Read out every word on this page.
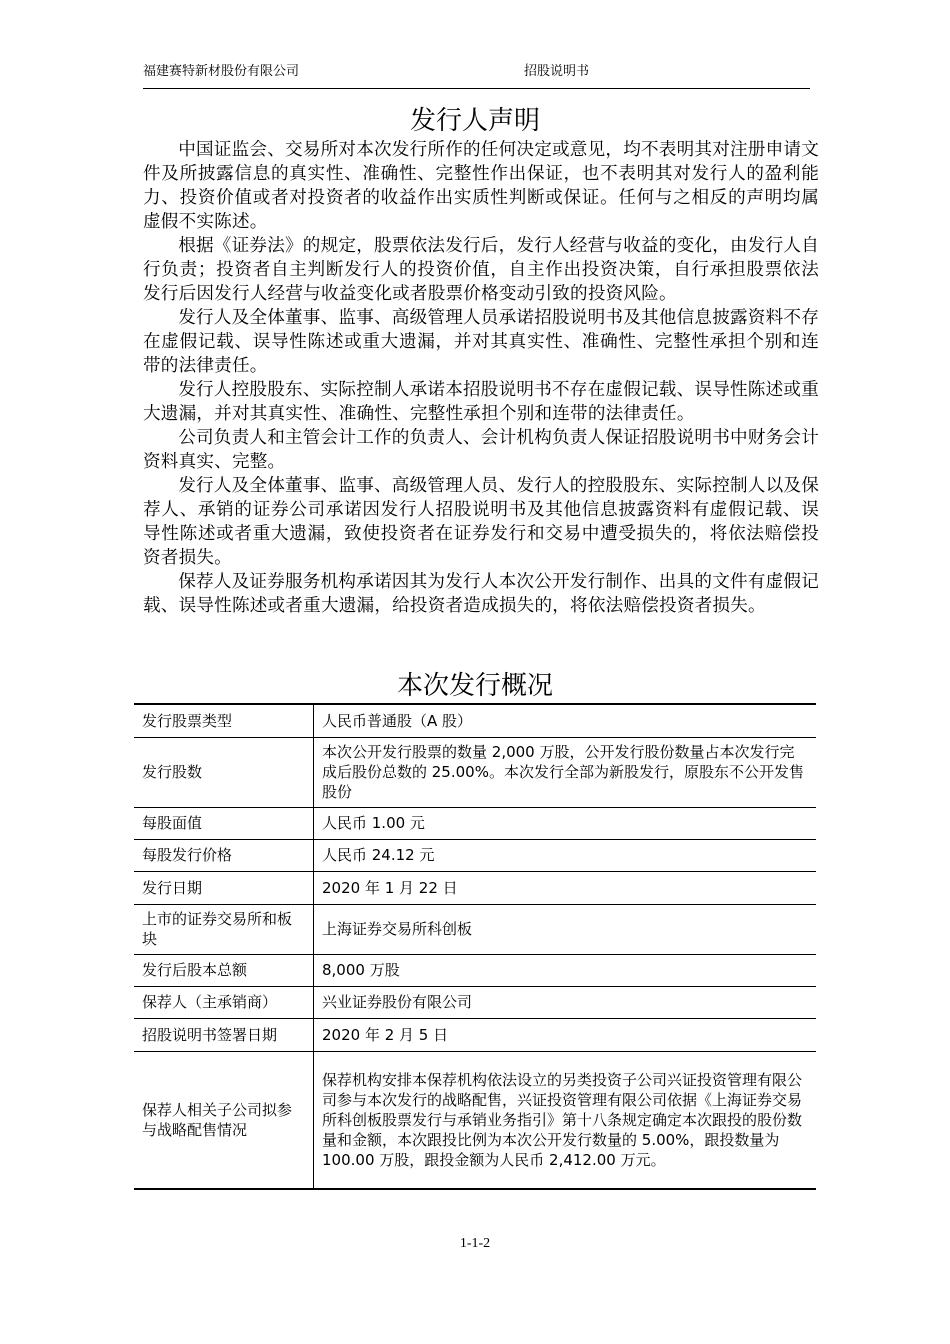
福建赛特新材股份有限公司	招股说明书
发行人声明

中国证监会、交易所对本次发行所作的任何决定或意见，均不表明其对注册申请文件及所披露信息的真实性、准确性、完整性作出保证，也不表明其对发行人的盈利能力、投资价值或者对投资者的收益作出实质性判断或保证。任何与之相反的声明均属虚假不实陈述。

根据《证券法》的规定，股票依法发行后，发行人经营与收益的变化，由发行人自行负责；投资者自主判断发行人的投资价值，自主作出投资决策，自行承担股票依法发行后因发行人经营与收益变化或者股票价格变动引致的投资风险。

发行人及全体董事、监事、高级管理人员承诺招股说明书及其他信息披露资料不存在虚假记载、误导性陈述或重大遗漏，并对其真实性、准确性、完整性承担个别和连带的法律责任。

发行人控股股东、实际控制人承诺本招股说明书不存在虚假记载、误导性陈述或重大遗漏，并对其真实性、准确性、完整性承担个别和连带的法律责任。

公司负责人和主管会计工作的负责人、会计机构负责人保证招股说明书中财务会计资料真实、完整。

发行人及全体董事、监事、高级管理人员、发行人的控股股东、实际控制人以及保荐人、承销的证券公司承诺因发行人招股说明书及其他信息披露资料有虚假记载、误导性陈述或者重大遗漏，致使投资者在证券发行和交易中遭受损失的，将依法赔偿投资者损失。

保荐人及证券服务机构承诺因其为发行人本次公开发行制作、出具的文件有虚假记载、误导性陈述或者重大遗漏，给投资者造成损失的，将依法赔偿投资者损失。

本次发行概况
发行股票类型	人民币普通股（A 股）
发行股数	本次公开发行股票的数量 2,000 万股，公开发行股份数量占本次发行完成后股份总数的 25.00%。本次发行全部为新股发行，原股东不公开发售股份
每股面值	人民币 1.00 元
每股发行价格	人民币 24.12 元
发行日期	2020 年 1 月 22 日
上市的证券交易所和板块	上海证券交易所科创板
发行后股本总额	8,000 万股
保荐人（主承销商）	兴业证券股份有限公司
招股说明书签署日期	2020 年 2 月 5 日
保荐人相关子公司拟参与战略配售情况	保荐机构安排本保荐机构依法设立的另类投资子公司兴证投资管理有限公司参与本次发行的战略配售，兴证投资管理有限公司依据《上海证券交易所科创板股票发行与承销业务指引》第十八条规定确定本次跟投的股份数量和金额，本次跟投比例为本次公开发行数量的 5.00%，跟投数量为 100.00 万股，跟投金额为人民币 2,412.00 万元。
1-1-2
